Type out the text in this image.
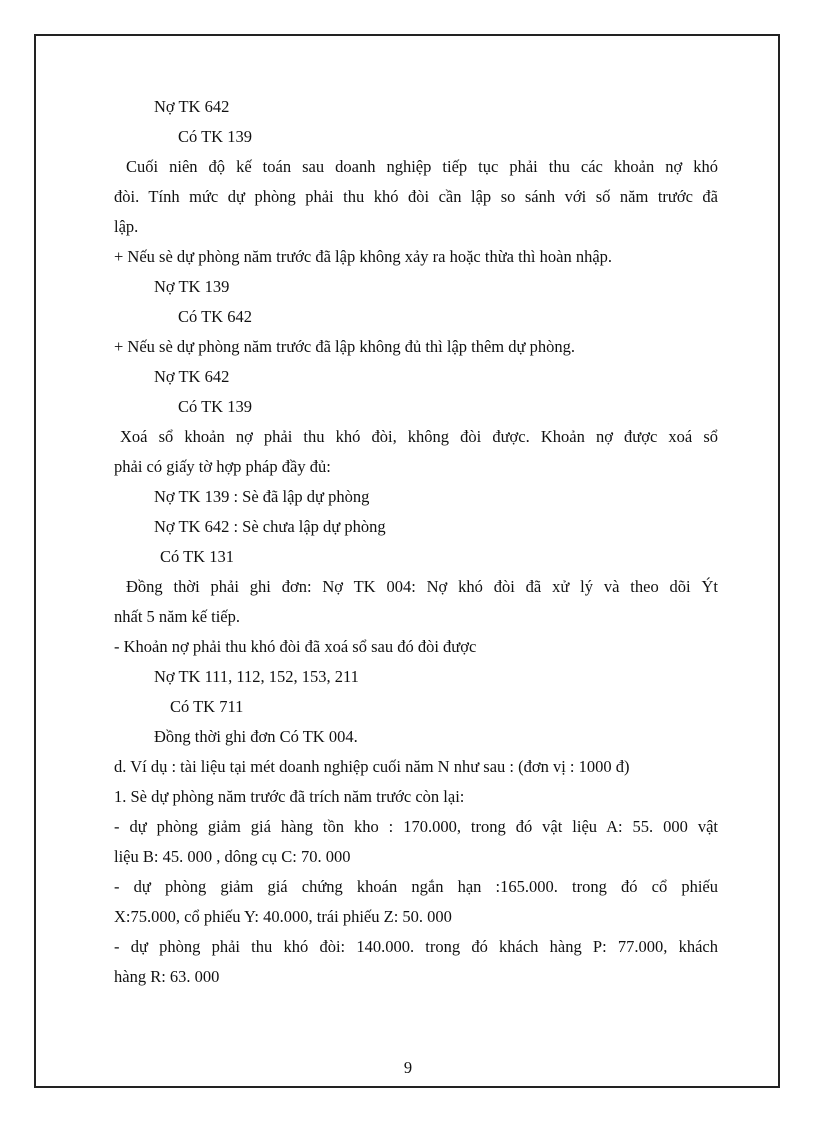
Nợ TK 642
Có TK 139
Cuối niên độ kế toán sau doanh nghiệp tiếp tục phải thu các khoản nợ khó
đòi. Tính mức dự phòng phải thu khó đòi cần lập so sánh với số năm trước đã
lập.
+ Nếu sè dự phòng năm trước đã lập không xảy ra hoặc thừa thì hoàn nhập.
Nợ TK 139
Có TK 642
+ Nếu sè dự phòng năm trước đã lập không đủ thì lập thêm dự phòng.
Nợ TK 642
Có TK 139
Xoá sổ khoản nợ phải thu khó đòi, không đòi được. Khoản nợ được xoá sổ
phải có giấy tờ hợp pháp đầy đủ:
Nợ TK 139 : Sè đã lập dự phòng
Nợ TK 642 : Sè chưa lập dự phòng
Có TK 131
Đồng thời phải ghi đơn: Nợ TK 004: Nợ khó đòi đã xử lý và theo dõi Ýt
nhất 5 năm kế tiếp.
- Khoản nợ phải thu khó đòi đã xoá sổ sau đó đòi được
Nợ TK 111, 112, 152, 153, 211
Có TK 711
Đồng thời ghi đơn Có TK 004.
d. Ví dụ : tài liệu tại mét doanh nghiệp cuối năm N như sau : (đơn vị : 1000 đ)
1. Sè dự phòng năm trước đã trích năm trước còn lại:
- dự phòng giảm giá hàng tồn kho : 170.000, trong đó vật liệu A: 55. 000 vật
liệu B: 45. 000 , dông cụ C: 70. 000
- dự phòng giảm giá chứng khoán ngắn hạn :165.000. trong đó cổ phiếu
X:75.000, cổ phiếu Y: 40.000, trái phiếu Z: 50. 000
- dự phòng phải thu khó đòi: 140.000. trong đó khách hàng P: 77.000, khách
hàng R: 63. 000
9
